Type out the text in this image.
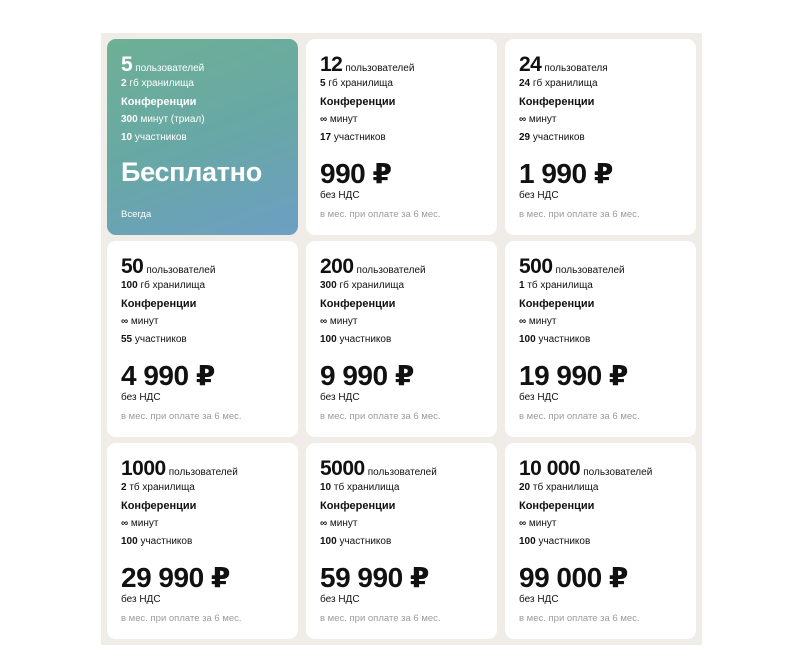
5 пользователей
2 гб хранилища
Конференции
300 минут (триал)
10 участников
Бесплатно
Всегда
12 пользователей
5 гб хранилища
Конференции
∞ минут
17 участников
990 ₽
без НДС
в мес. при оплате за 6 мес.
24 пользователя
24 гб хранилища
Конференции
∞ минут
29 участников
1 990 ₽
без НДС
в мес. при оплате за 6 мес.
50 пользователей
100 гб хранилища
Конференции
∞ минут
55 участников
4 990 ₽
без НДС
в мес. при оплате за 6 мес.
200 пользователей
300 гб хранилища
Конференции
∞ минут
100 участников
9 990 ₽
без НДС
в мес. при оплате за 6 мес.
500 пользователей
1 тб хранилища
Конференции
∞ минут
100 участников
19 990 ₽
без НДС
в мес. при оплате за 6 мес.
1000 пользователей
2 тб хранилища
Конференции
∞ минут
100 участников
29 990 ₽
без НДС
в мес. при оплате за 6 мес.
5000 пользователей
10 тб хранилища
Конференции
∞ минут
100 участников
59 990 ₽
без НДС
в мес. при оплате за 6 мес.
10 000 пользователей
20 тб хранилища
Конференции
∞ минут
100 участников
99 000 ₽
без НДС
в мес. при оплате за 6 мес.
